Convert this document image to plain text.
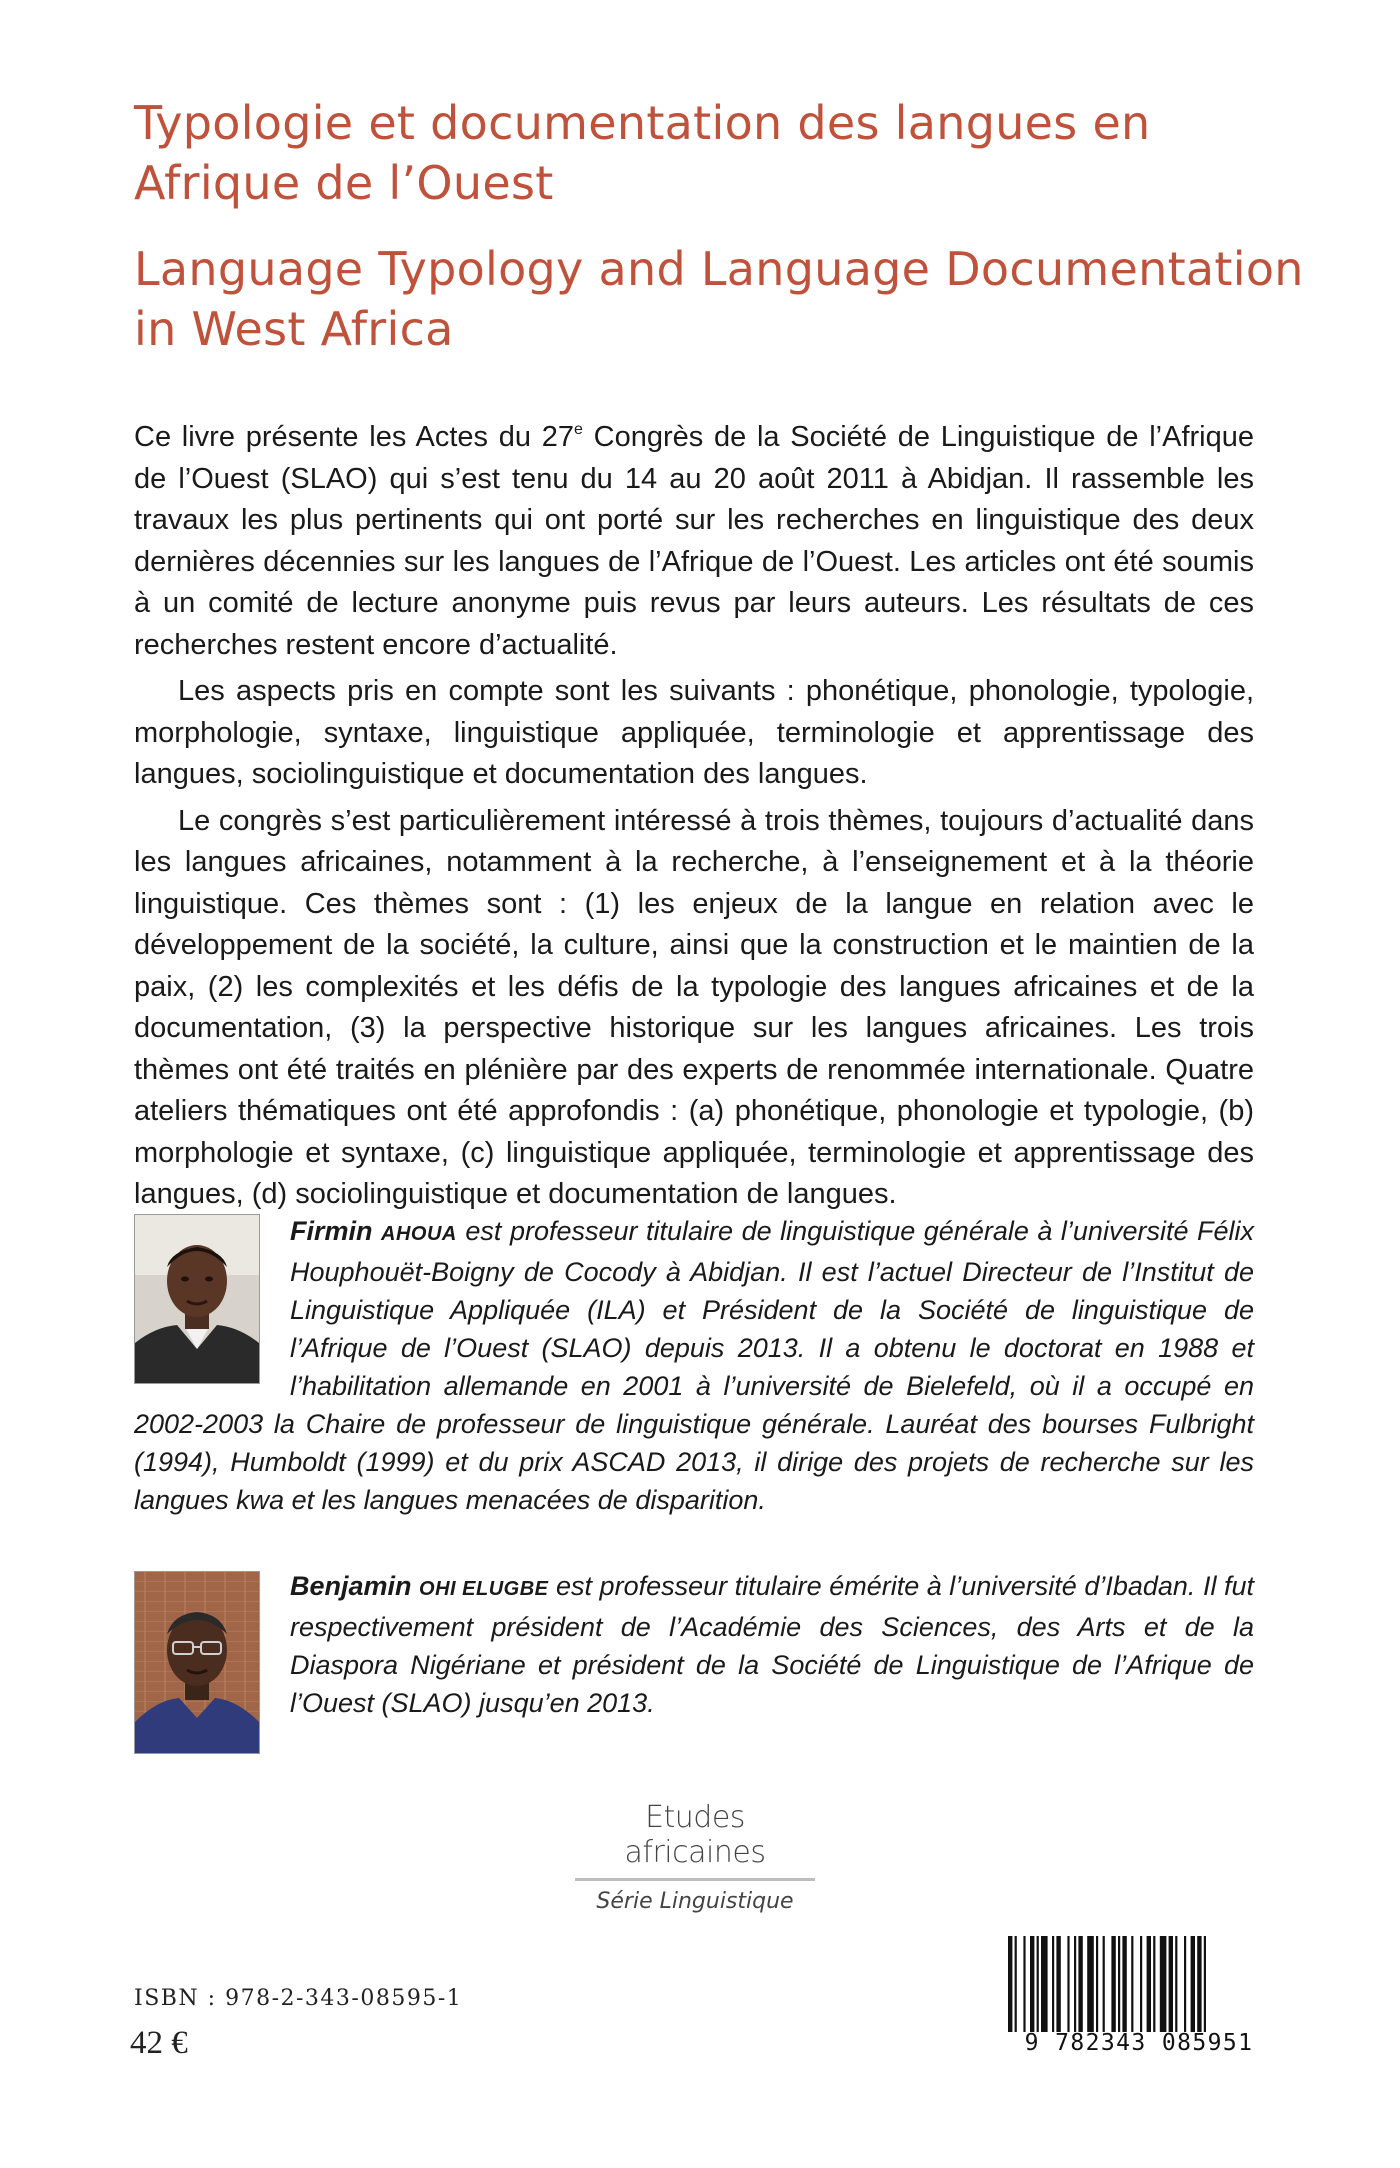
Typologie et documentation des langues en Afrique de l’Ouest
Language Typology and Language Documentation in West Africa

Ce livre présente les Actes du 27e Congrès de la Société de Linguistique de l’Afrique de l’Ouest (SLAO) qui s’est tenu du 14 au 20 août 2011 à Abidjan. Il rassemble les travaux les plus pertinents qui ont porté sur les recherches en linguistique des deux dernières décennies sur les langues de l’Afrique de l’Ouest. Les articles ont été soumis à un comité de lecture anonyme puis revus par leurs auteurs. Les résultats de ces recherches restent encore d’actualité.

Les aspects pris en compte sont les suivants : phonétique, phonologie, typologie, morphologie, syntaxe, linguistique appliquée, terminologie et apprentissage des langues, sociolinguistique et documentation des langues.

Le congrès s’est particulièrement intéressé à trois thèmes, toujours d’actualité dans les langues africaines, notamment à la recherche, à l’enseignement et à la théorie linguistique. Ces thèmes sont : (1) les enjeux de la langue en relation avec le développement de la société, la culture, ainsi que la construction et le maintien de la paix, (2) les complexités et les défis de la typologie des langues africaines et de la documentation, (3) la perspective historique sur les langues africaines. Les trois thèmes ont été traités en plénière par des experts de renommée internationale. Quatre ateliers thématiques ont été approfondis : (a) phonétique, phonologie et typologie, (b) morphologie et syntaxe, (c) linguistique appliquée, terminologie et apprentissage des langues, (d) sociolinguistique et documentation de langues.

Firmin AHOUA est professeur titulaire de linguistique générale à l’université Félix Houphouët-Boigny de Cocody à Abidjan. Il est l’actuel Directeur de l’Institut de Linguistique Appliquée (ILA) et Président de la Société de linguistique de l’Afrique de l’Ouest (SLAO) depuis 2013. Il a obtenu le doctorat en 1988 et l’habilitation allemande en 2001 à l’université de Bielefeld, où il a occupé en 2002-2003 la Chaire de professeur de linguistique générale. Lauréat des bourses Fulbright (1994), Humboldt (1999) et du prix ASCAD 2013, il dirige des projets de recherche sur les langues kwa et les langues menacées de disparition.
Benjamin OHI ELUGBE est professeur titulaire émérite à l’université d’Ibadan. Il fut respectivement président de l’Académie des Sciences, des Arts et de la Diaspora Nigériane et président de la Société de Linguistique de l’Afrique de l’Ouest (SLAO) jusqu’en 2013.
Etudes africaines
Série Linguistique
ISBN : 978-2-343-08595-1
42 €	9 782343 085951
